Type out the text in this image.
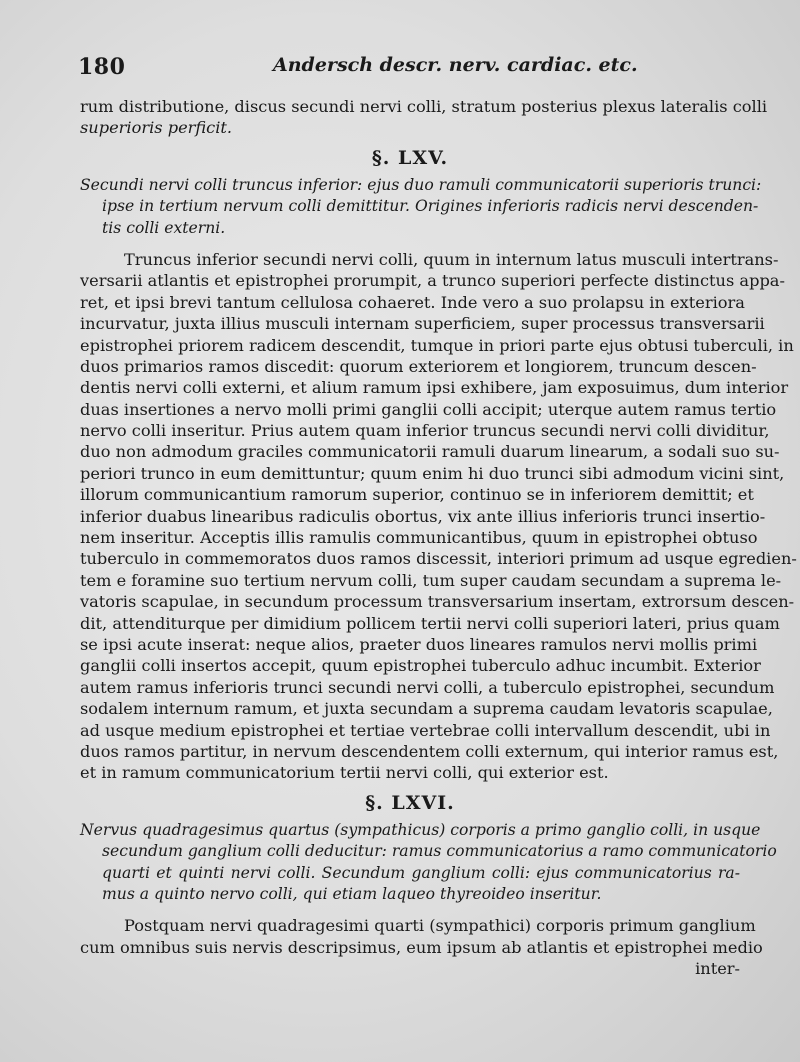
180	Andersch descr. nerv. cardiac. etc.
rum distributione, discus secundi nervi colli, stratum posterius plexus lateralis colli
superioris perficit.
§. LXV.
Secundi nervi colli truncus inferior: ejus duo ramuli communicatorii superioris trunci:
ipse in tertium nervum colli demittitur. Origines inferioris radicis nervi descenden-
tis colli externi.
Truncus inferior secundi nervi colli, quum in internum latus musculi intertrans-
versarii atlantis et epistrophei prorumpit, a trunco superiori perfecte distinctus appa-
ret, et ipsi brevi tantum cellulosa cohaeret. Inde vero a suo prolapsu in exteriora
incurvatur, juxta illius musculi internam superficiem, super processus transversarii
epistrophei priorem radicem descendit, tumque in priori parte ejus obtusi tuberculi, in
duos primarios ramos discedit: quorum exteriorem et longiorem, truncum descen-
dentis nervi colli externi, et alium ramum ipsi exhibere, jam exposuimus, dum interior
duas insertiones a nervo molli primi ganglii colli accipit; uterque autem ramus tertio
nervo colli inseritur. Prius autem quam inferior truncus secundi nervi colli dividitur,
duo non admodum graciles communicatorii ramuli duarum linearum, a sodali suo su-
periori trunco in eum demittuntur; quum enim hi duo trunci sibi admodum vicini sint,
illorum communicantium ramorum superior, continuo se in inferiorem demittit; et
inferior duabus linearibus radiculis obortus, vix ante illius inferioris trunci insertio-
nem inseritur. Acceptis illis ramulis communicantibus, quum in epistrophei obtuso
tuberculo in commemoratos duos ramos discessit, interiori primum ad usque egredien-
tem e foramine suo tertium nervum colli, tum super caudam secundam a suprema le-
vatoris scapulae, in secundum processum transversarium insertam, extrorsum descen-
dit, attenditurque per dimidium pollicem tertii nervi colli superiori lateri, prius quam
se ipsi acute inserat: neque alios, praeter duos lineares ramulos nervi mollis primi
ganglii colli insertos accepit, quum epistrophei tuberculo adhuc incumbit. Exterior
autem ramus inferioris trunci secundi nervi colli, a tuberculo epistrophei, secundum
sodalem internum ramum, et juxta secundam a suprema caudam levatoris scapulae,
ad usque medium epistrophei et tertiae vertebrae colli intervallum descendit, ubi in
duos ramos partitur, in nervum descendentem colli externum, qui interior ramus est,
et in ramum communicatorium tertii nervi colli, qui exterior est.
§. LXVI.
Nervus quadragesimus quartus (sympathicus) corporis a primo ganglio colli, in usque
secundum ganglium colli deducitur: ramus communicatorius a ramo communicatorio
quarti et quinti nervi colli. Secundum ganglium colli: ejus communicatorius ra-
mus a quinto nervo colli, qui etiam laqueo thyreoideo inseritur.
Postquam nervi quadragesimi quarti (sympathici) corporis primum ganglium
cum omnibus suis nervis descripsimus, eum ipsum ab atlantis et epistrophei medio
inter-
